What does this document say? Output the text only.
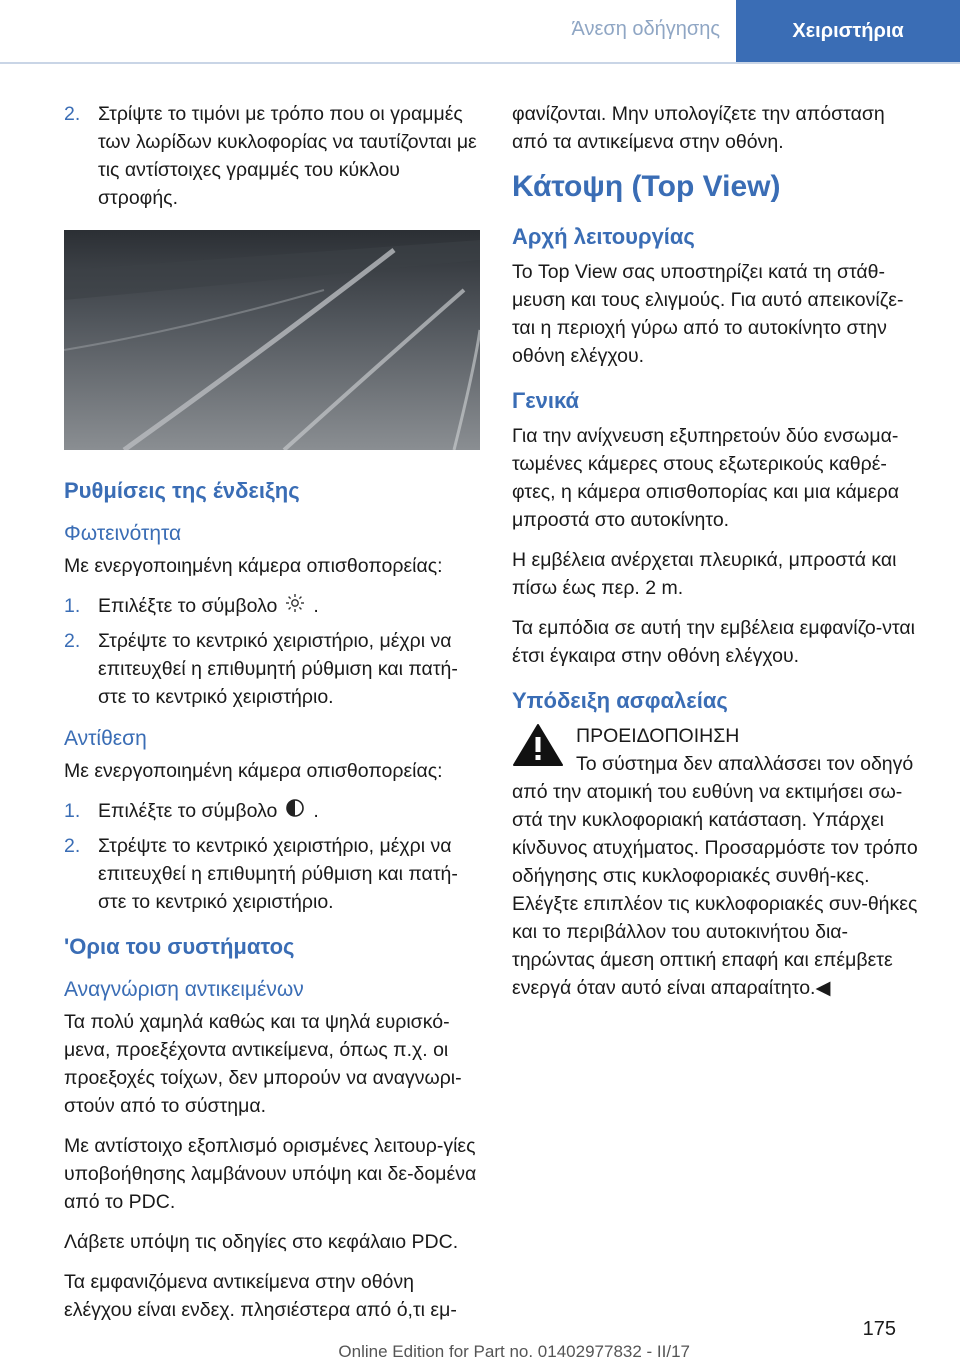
Άνεση οδήγησης	Χειριστήρια
2. Στρίψτε το τιμόνι με τρόπο που οι γραμμές των λωρίδων κυκλοφορίας να ταυτίζονται με τις αντίστοιχες γραμμές του κύκλου στροφής.
Ρυθμίσεις της ένδειξης
Φωτεινότητα

Με ενεργοποιημένη κάμερα οπισθοπορείας:

1. Επιλέξτε το σύμβολο .
2. Στρέψτε το κεντρικό χειριστήριο, μέχρι να επιτευχθεί η επιθυμητή ρύθμιση και πατή-στε το κεντρικό χειριστήριο.
Αντίθεση

Με ενεργοποιημένη κάμερα οπισθοπορείας:

1. Επιλέξτε το σύμβολο .
2. Στρέψτε το κεντρικό χειριστήριο, μέχρι να επιτευχθεί η επιθυμητή ρύθμιση και πατή-στε το κεντρικό χειριστήριο.
'Ορια του συστήματος
Αναγνώριση αντικειμένων

Τα πολύ χαμηλά καθώς και τα ψηλά ευρισκό-μενα, προεξέχοντα αντικείμενα, όπως π.χ. οι προεξοχές τοίχων, δεν μπορούν να αναγνωρι-στούν από το σύστημα.

Με αντίστοιχο εξοπλισμό ορισμένες λειτουρ-γίες υποβοήθησης λαμβάνουν υπόψη και δε-δομένα από το PDC.

Λάβετε υπόψη τις οδηγίες στο κεφάλαιο PDC.

Τα εμφανιζόμενα αντικείμενα στην οθόνη ελέγχου είναι ενδεχ. πλησιέστερα από ό,τι εμ-

φανίζονται. Μην υπολογίζετε την απόσταση από τα αντικείμενα στην οθόνη.

Κάτοψη (Top View)
Αρχή λειτουργίας

Το Top View σας υποστηρίζει κατά τη στάθ-μευση και τους ελιγμούς. Για αυτό απεικονίζε-ται η περιοχή γύρω από το αυτοκίνητο στην οθόνη ελέγχου.

Γενικά

Για την ανίχνευση εξυπηρετούν δύο ενσωμα-τωμένες κάμερες στους εξωτερικούς καθρέ-φτες, η κάμερα οπισθοπορίας και μια κάμερα μπροστά στο αυτοκίνητο.

Η εμβέλεια ανέρχεται πλευρικά, μπροστά και πίσω έως περ. 2 m.

Τα εμπόδια σε αυτή την εμβέλεια εμφανίζο-νται έτσι έγκαιρα στην οθόνη ελέγχου.

Υπόδειξη ασφαλείας
ΠΡΟΕΙΔΟΠΟΙΗΣΗ
Το σύστημα δεν απαλλάσσει τον οδηγό

από την ατομική του ευθύνη να εκτιμήσει σω-στά την κυκλοφοριακή κατάσταση. Υπάρχει κίνδυνος ατυχήματος. Προσαρμόστε τον τρόπο οδήγησης στις κυκλοφοριακές συνθή-κες. Ελέγξτε επιπλέον τις κυκλοφοριακές συν-θήκες και το περιβάλλον του αυτοκινήτου δια-τηρώντας άμεση οπτική επαφή και επέμβετε ενεργά όταν αυτό είναι απαραίτητο.◀

175
Online Edition for Part no. 01402977832 - II/17
